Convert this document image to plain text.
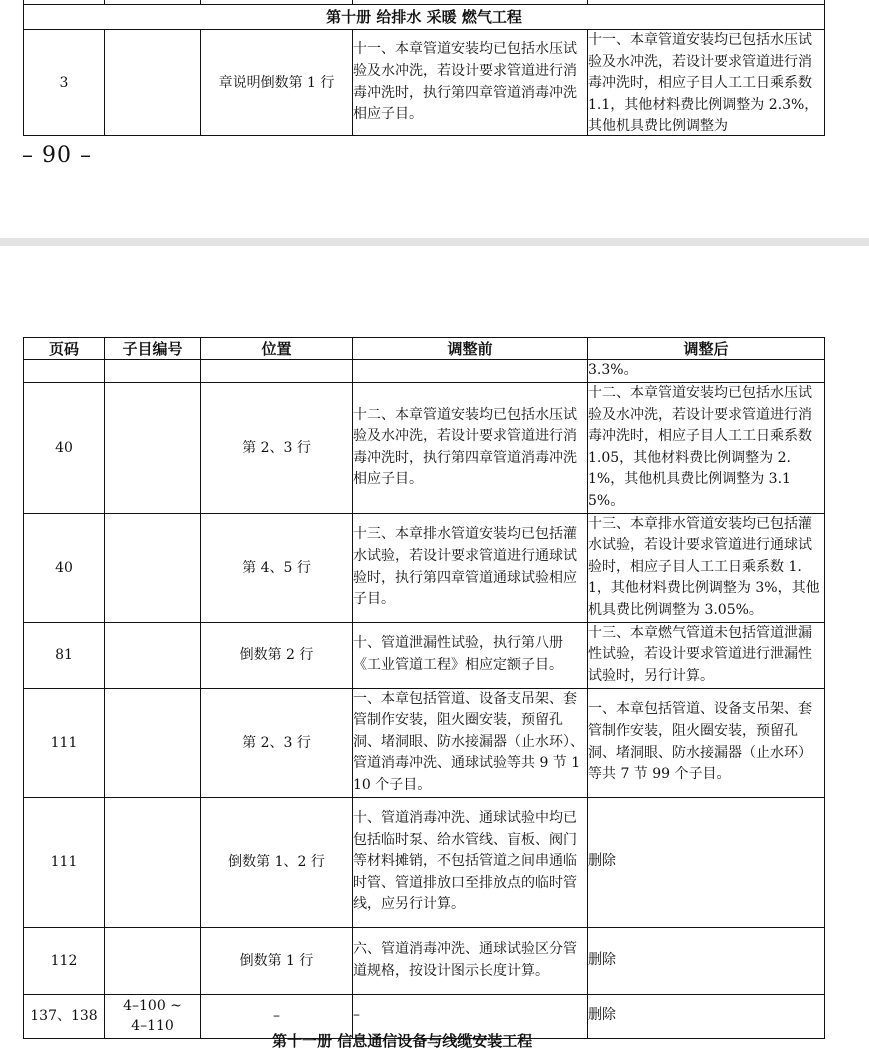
第十册 给排水 采暖 燃气工程				
3		章说明倒数第 1 行	十一、本章管道安装均已包括水压试验及水冲洗，若设计要求管道进行消毒冲洗时，执行第四章管道消毒冲洗相应子目。	十一、本章管道安装均已包括水压试验及水冲洗，若设计要求管道进行消毒冲洗时，相应子目人工工日乘系数 1.1，其他材料费比例调整为 2.3%，其他机具费比例调整为
– 90 –
页码	子目编号	位置	调整前	调整后
				3.3%。
40		第 2、3 行	十二、本章管道安装均已包括水压试验及水冲洗，若设计要求管道进行消毒冲洗时，执行第四章管道消毒冲洗相应子目。	十二、本章管道安装均已包括水压试验及水冲洗，若设计要求管道进行消毒冲洗时，相应子目人工工日乘系数 1.05，其他材料费比例调整为 2.1%，其他机具费比例调整为 3.15%。
40		第 4、5 行	十三、本章排水管道安装均已包括灌水试验，若设计要求管道进行通球试验时，执行第四章管道通球试验相应子目。	十三、本章排水管道安装均已包括灌水试验，若设计要求管道进行通球试验时，相应子目人工工日乘系数 1.1，其他材料费比例调整为 3%，其他机具费比例调整为 3.05%。
81		倒数第 2 行	十、管道泄漏性试验，执行第八册《工业管道工程》相应定额子目。	十三、本章燃气管道未包括管道泄漏性试验，若设计要求管道进行泄漏性试验时，另行计算。
111		第 2、3 行	一、本章包括管道、设备支吊架、套管制作安装，阻火圈安装，预留孔洞、堵洞眼、防水接漏器（止水环）、管道消毒冲洗、通球试验等共 9 节 110 个子目。	一、本章包括管道、设备支吊架、套管制作安装，阻火圈安装，预留孔洞、堵洞眼、防水接漏器（止水环）等共 7 节 99 个子目。
111		倒数第 1、2 行	十、管道消毒冲洗、通球试验中均已包括临时泵、给水管线、盲板、阀门等材料摊销，不包括管道之间串通临时管、管道排放口至排放点的临时管线，应另行计算。	删除
112		倒数第 1 行	六、管道消毒冲洗、通球试验区分管道规格，按设计图示长度计算。	删除
137、138	4–100 ~ 4–110	–	–	删除
第十一册 信息通信设备与线缆安装工程
